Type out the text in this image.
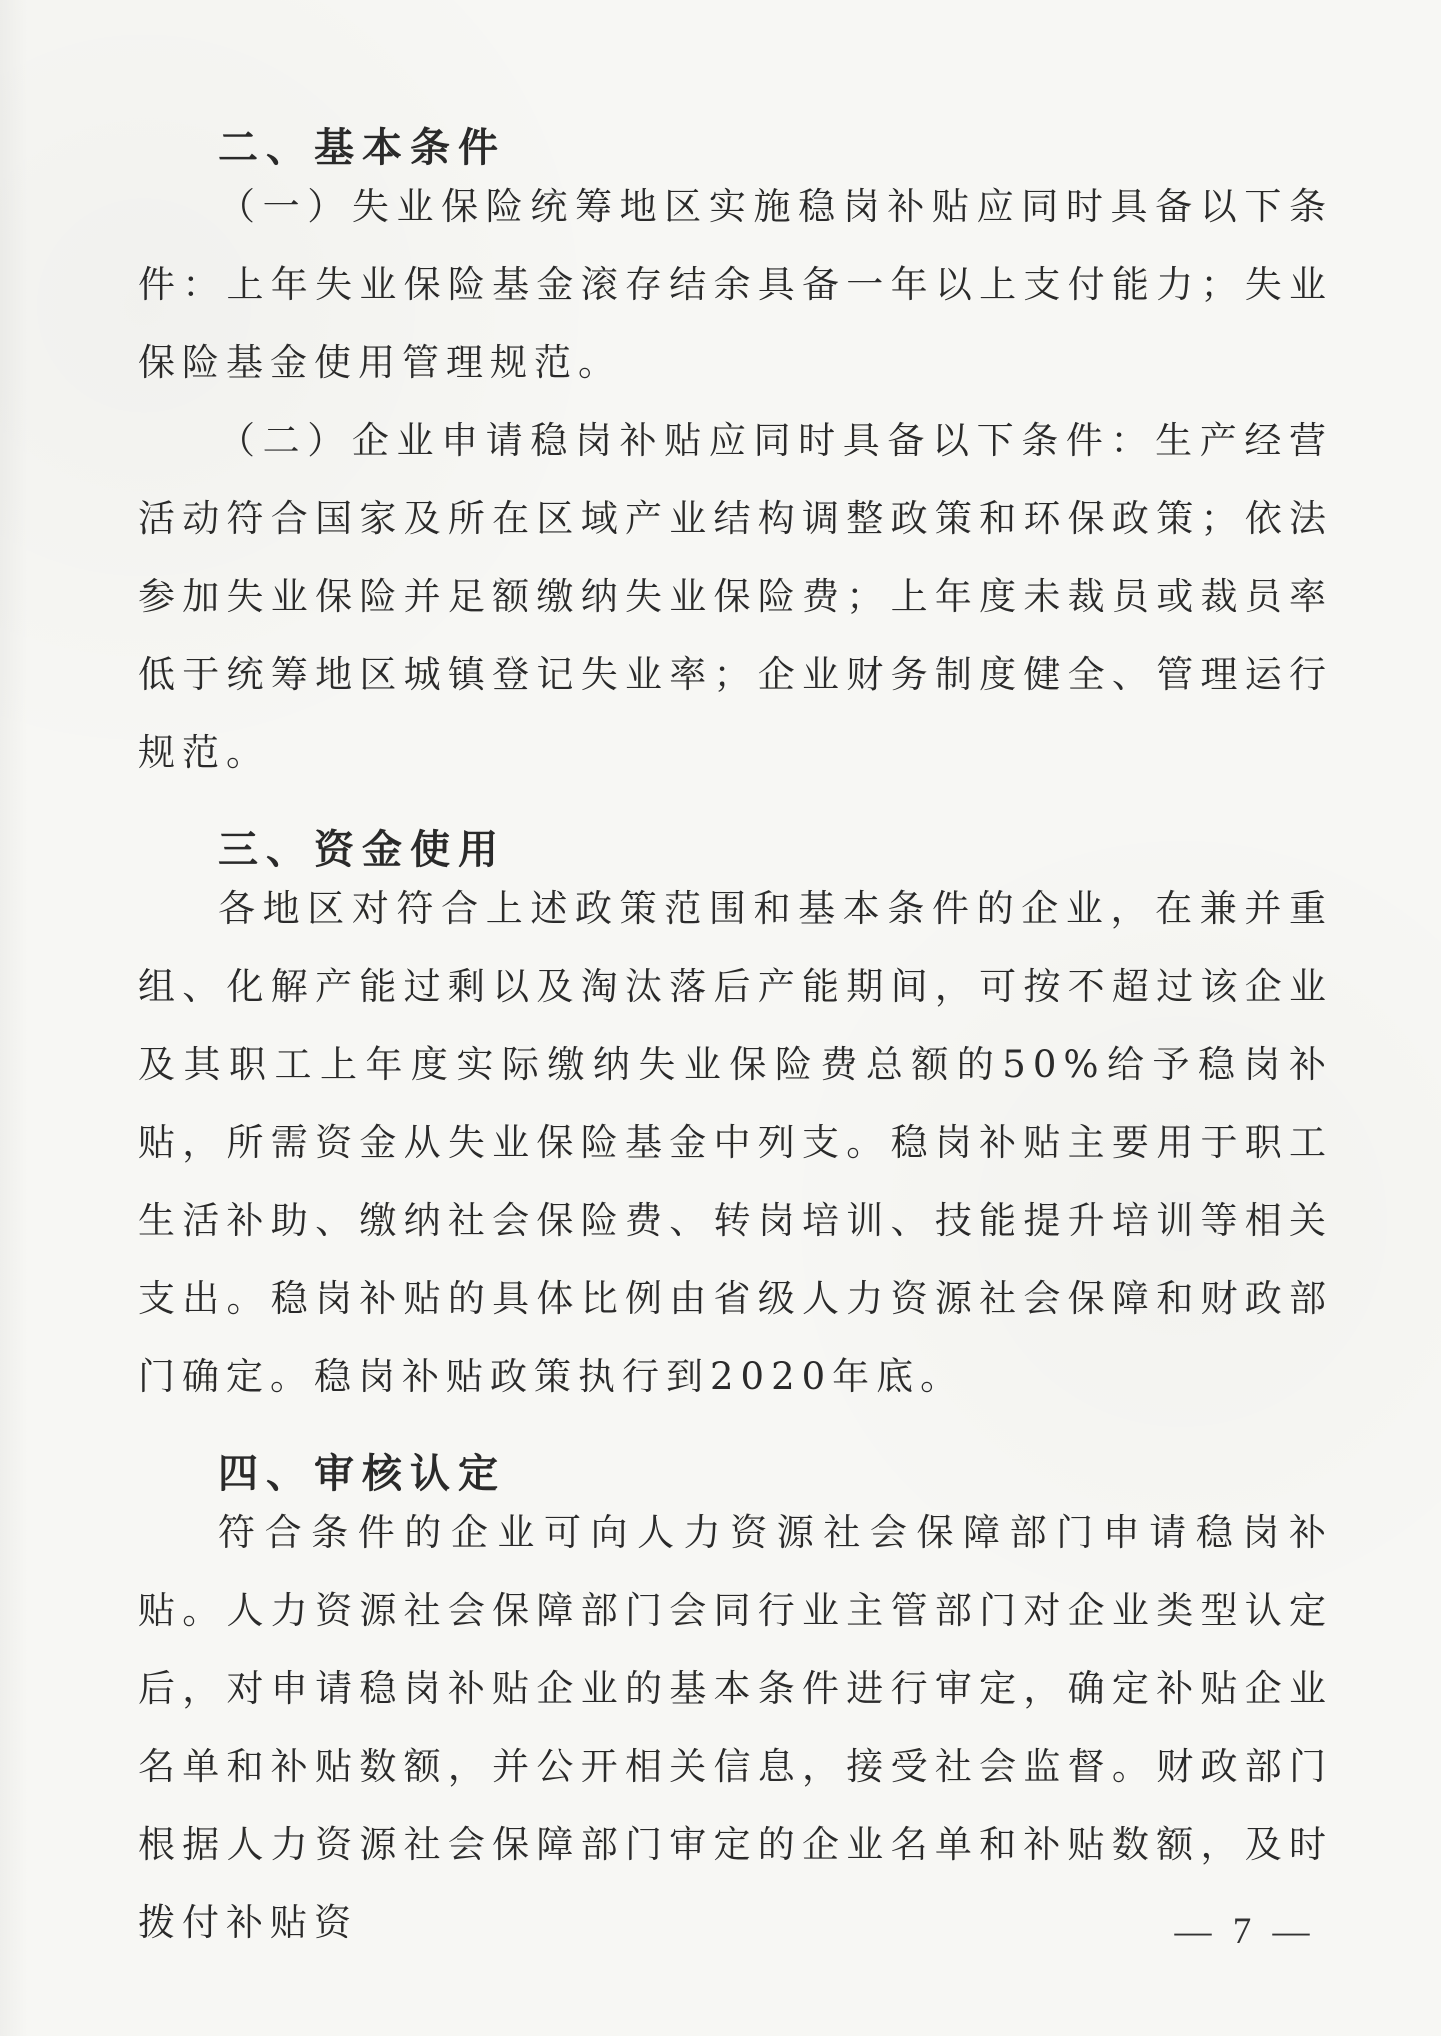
二、基本条件

（一）失业保险统筹地区实施稳岗补贴应同时具备以下条件：上年失业保险基金滚存结余具备一年以上支付能力；失业保险基金使用管理规范。

（二）企业申请稳岗补贴应同时具备以下条件：生产经营活动符合国家及所在区域产业结构调整政策和环保政策；依法参加失业保险并足额缴纳失业保险费；上年度未裁员或裁员率低于统筹地区城镇登记失业率；企业财务制度健全、管理运行规范。

三、资金使用

各地区对符合上述政策范围和基本条件的企业，在兼并重组、化解产能过剩以及淘汰落后产能期间，可按不超过该企业及其职工上年度实际缴纳失业保险费总额的50%给予稳岗补贴，所需资金从失业保险基金中列支。稳岗补贴主要用于职工生活补助、缴纳社会保险费、转岗培训、技能提升培训等相关支出。稳岗补贴的具体比例由省级人力资源社会保障和财政部门确定。稳岗补贴政策执行到2020年底。

四、审核认定

符合条件的企业可向人力资源社会保障部门申请稳岗补贴。人力资源社会保障部门会同行业主管部门对企业类型认定后，对申请稳岗补贴企业的基本条件进行审定，确定补贴企业名单和补贴数额，并公开相关信息，接受社会监督。财政部门根据人力资源社会保障部门审定的企业名单和补贴数额，及时拨付补贴资	— 7 —
